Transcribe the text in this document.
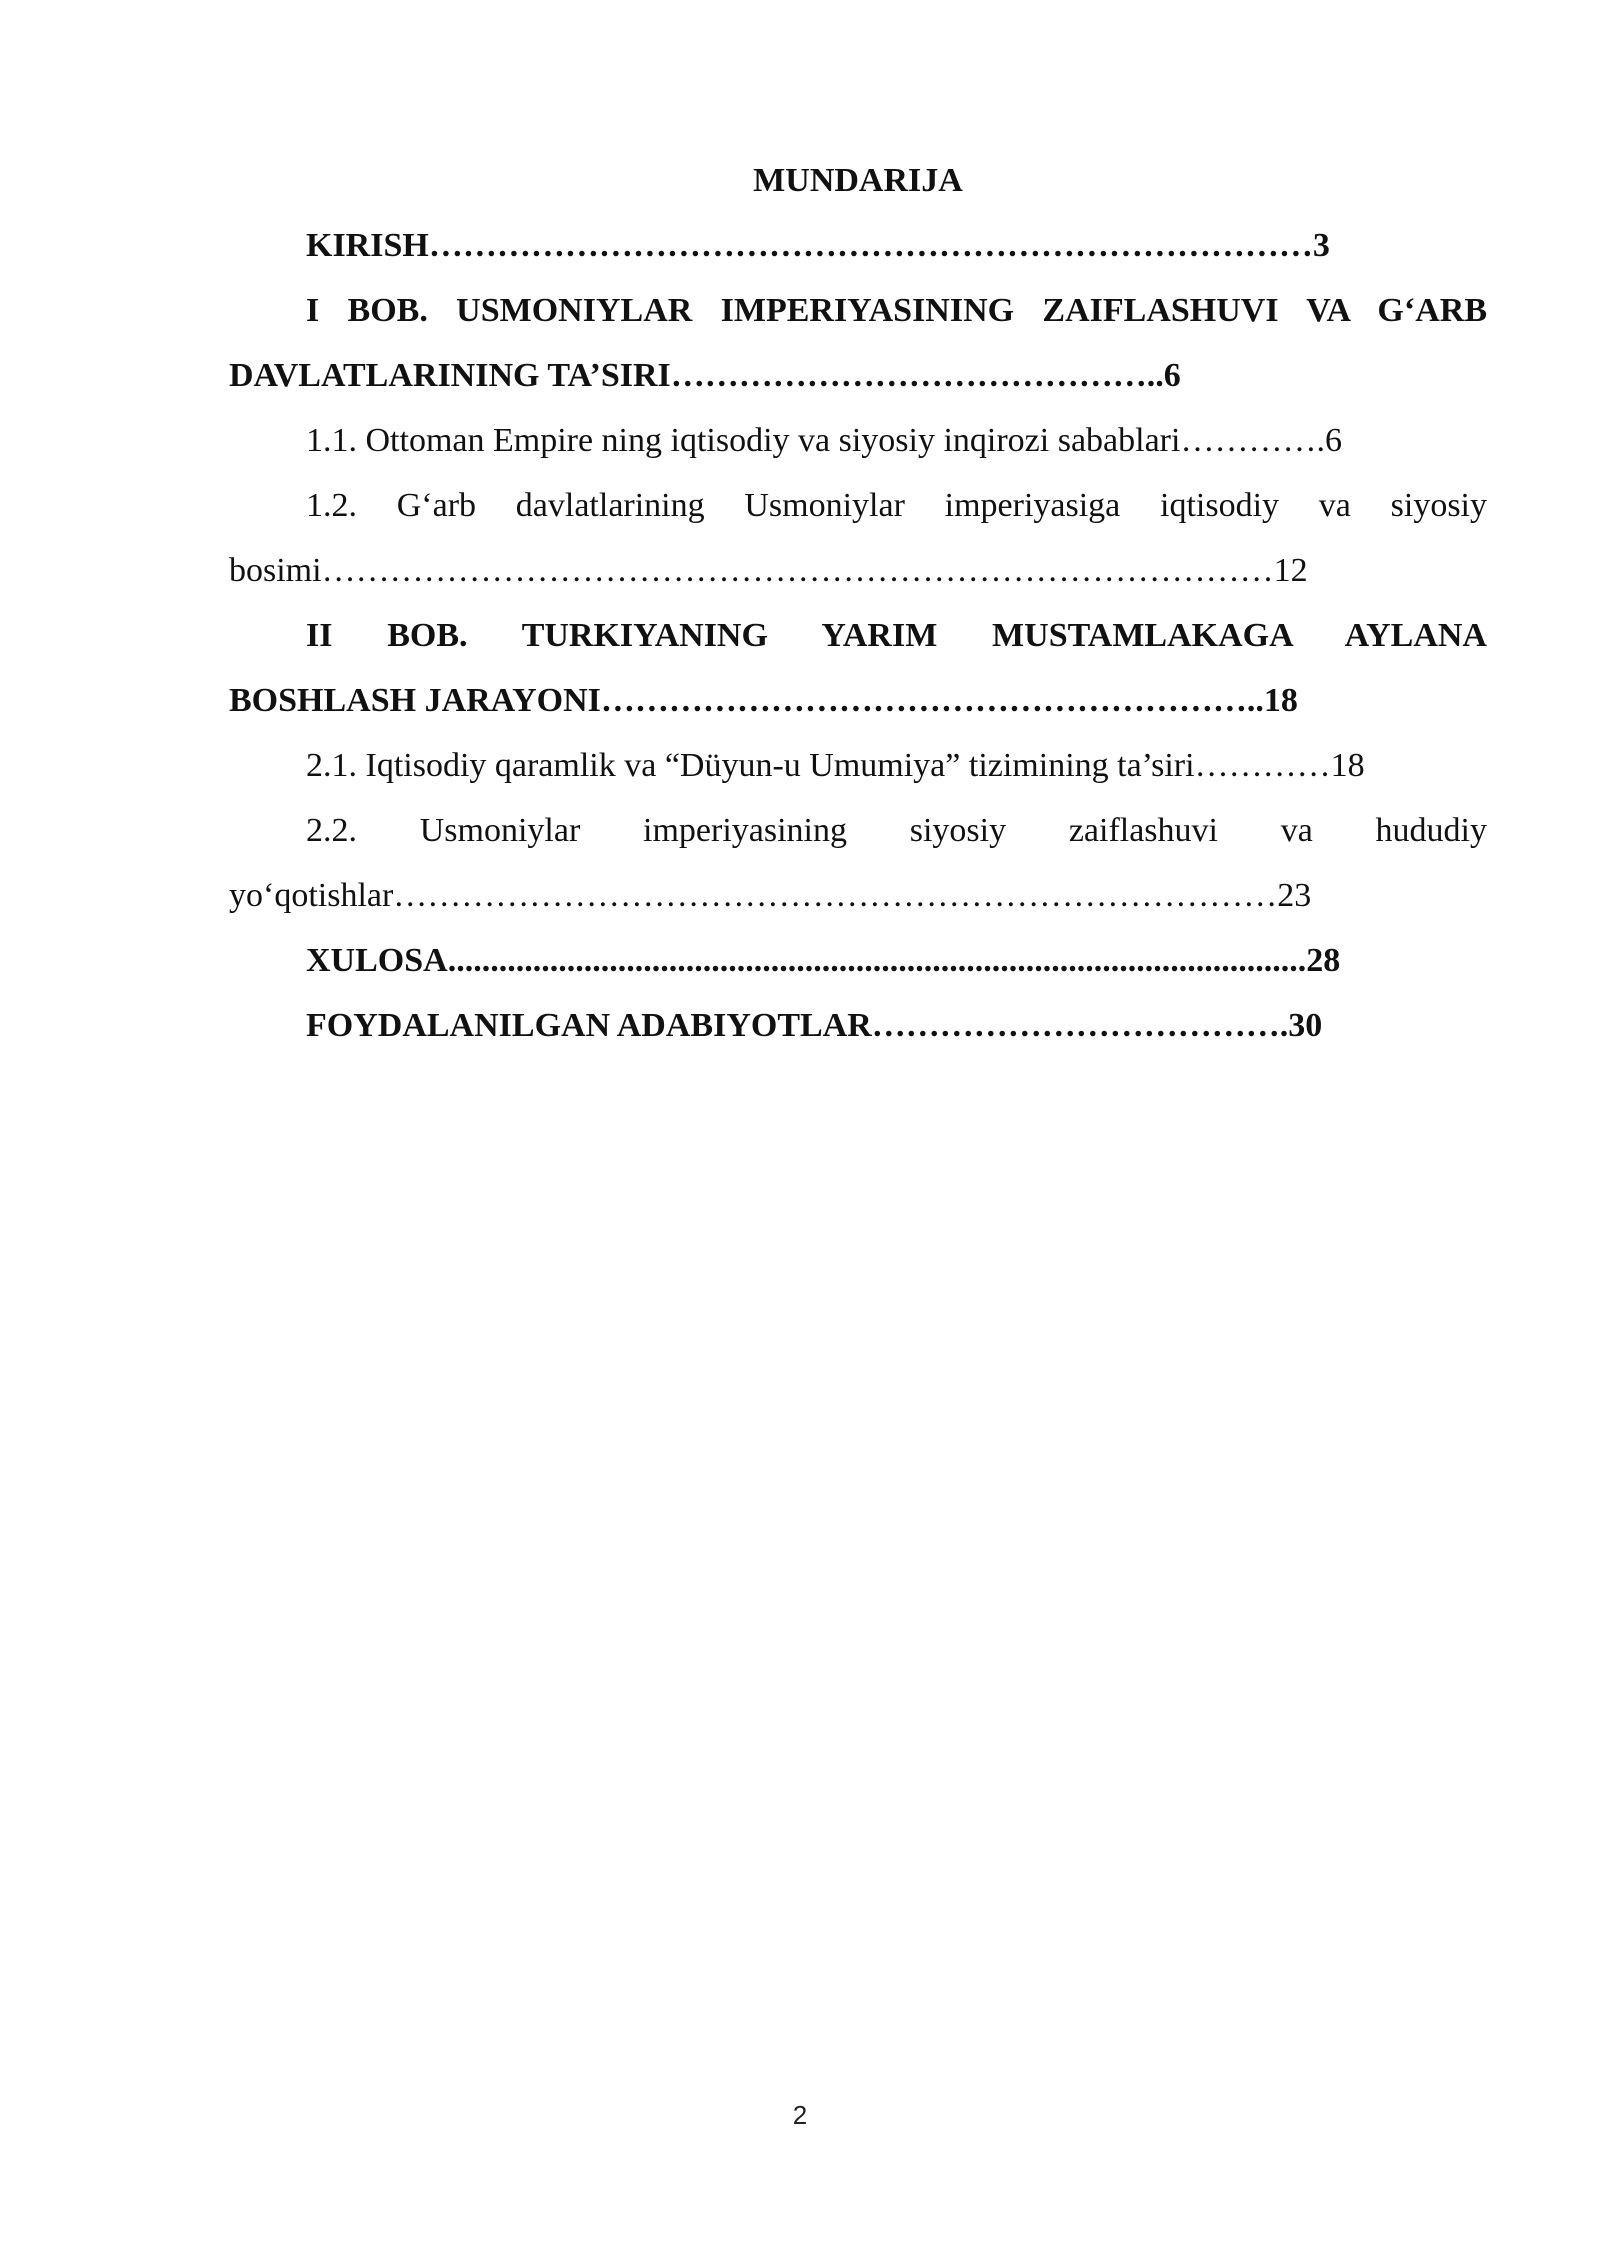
MUNDARIJA

KIRISH……………………………………………………………………3

I BOB. USMONIYLAR IMPERIYASINING ZAIFLASHUVI VA G‘ARB

DAVLATLARINING TA’SIRI……………………………………..6

1.1. Ottoman Empire ning iqtisodiy va siyosiy inqirozi sabablari………….6

1.2. G‘arb davlatlarining Usmoniylar imperiyasiga iqtisodiy va siyosiy

bosimi…………………………………………………………………………12

II BOB. TURKIYANING YARIM MUSTAMLAKAGA AYLANA

BOSHLASH JARAYONI…………………………………………………..18

2.1. Iqtisodiy qaramlik va “Düyun-u Umumiya” tizimining ta’siri…………18

2.2. Usmoniylar imperiyasining siyosiy zaiflashuvi va hududiy

yo‘qotishlar……………………………………………………………………23

XULOSA.....................................................................................................28

FOYDALANILGAN ADABIYOTLAR……………………………….30

2
